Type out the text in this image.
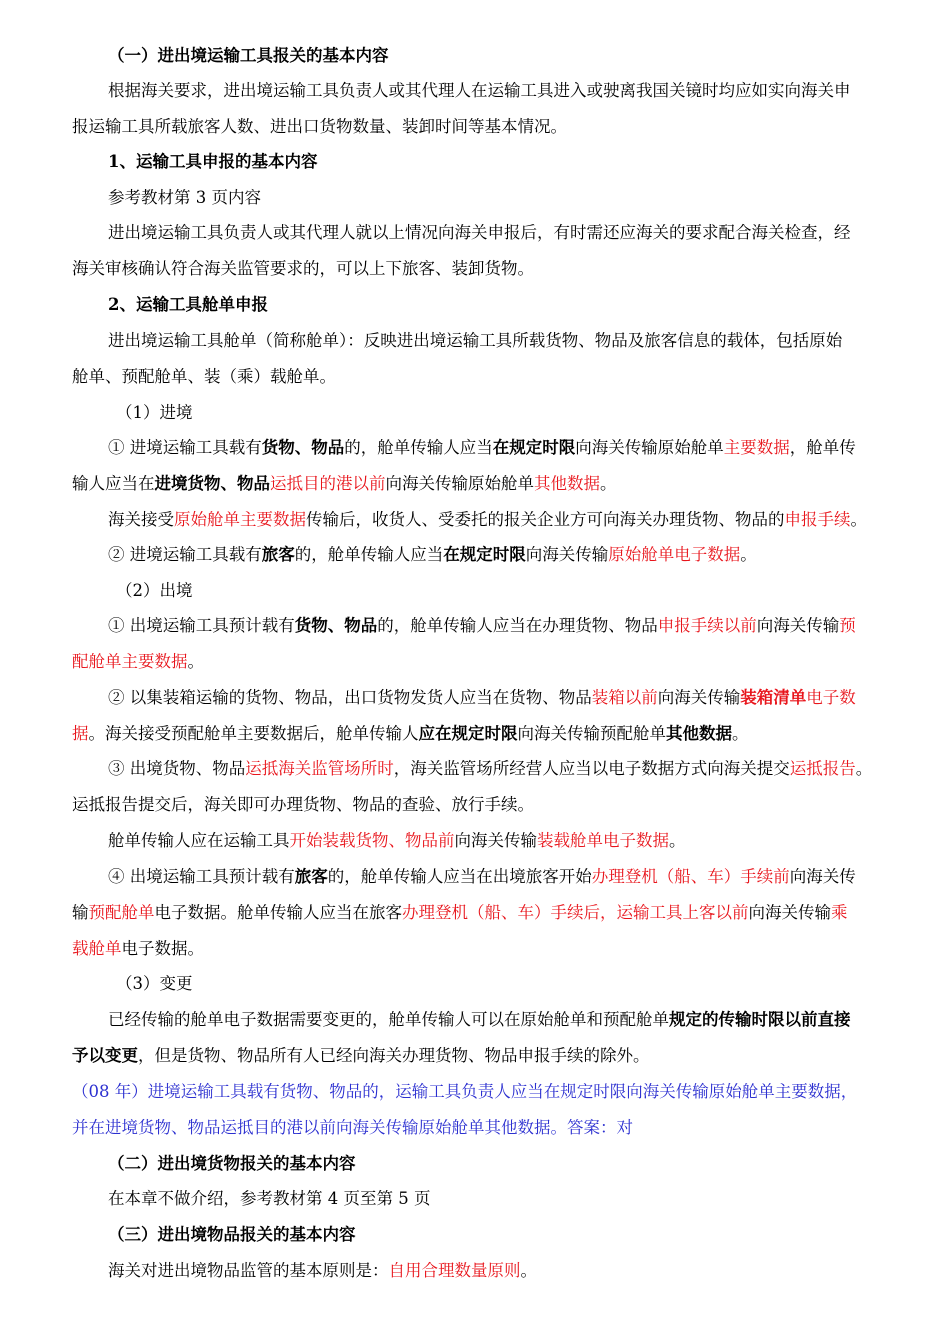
（一）进出境运输工具报关的基本内容
根据海关要求，进出境运输工具负责人或其代理人在运输工具进入或驶离我国关镜时均应如实向海关申
报运输工具所载旅客人数、进出口货物数量、装卸时间等基本情况。
1、运输工具申报的基本内容
参考教材第 3 页内容
进出境运输工具负责人或其代理人就以上情况向海关申报后，有时需还应海关的要求配合海关检查，经
海关审核确认符合海关监管要求的，可以上下旅客、装卸货物。
2、运输工具舱单申报
进出境运输工具舱单（简称舱单）：反映进出境运输工具所载货物、物品及旅客信息的载体，包括原始
舱单、预配舱单、装（乘）载舱单。
（1）进境
① 进境运输工具载有货物、物品的，舱单传输人应当在规定时限向海关传输原始舱单主要数据，舱单传
输人应当在进境货物、物品运抵目的港以前向海关传输原始舱单其他数据。
海关接受原始舱单主要数据传输后，收货人、受委托的报关企业方可向海关办理货物、物品的申报手续。
② 进境运输工具载有旅客的，舱单传输人应当在规定时限向海关传输原始舱单电子数据。
（2）出境
① 出境运输工具预计载有货物、物品的，舱单传输人应当在办理货物、物品申报手续以前向海关传输预
配舱单主要数据。
② 以集装箱运输的货物、物品，出口货物发货人应当在货物、物品装箱以前向海关传输装箱清单电子数
据。海关接受预配舱单主要数据后，舱单传输人应在规定时限向海关传输预配舱单其他数据。
③ 出境货物、物品运抵海关监管场所时，海关监管场所经营人应当以电子数据方式向海关提交运抵报告。
运抵报告提交后，海关即可办理货物、物品的查验、放行手续。
舱单传输人应在运输工具开始装载货物、物品前向海关传输装载舱单电子数据。
④ 出境运输工具预计载有旅客的，舱单传输人应当在出境旅客开始办理登机（船、车）手续前向海关传
输预配舱单电子数据。舱单传输人应当在旅客办理登机（船、车）手续后，运输工具上客以前向海关传输乘
载舱单电子数据。
（3）变更
已经传输的舱单电子数据需要变更的，舱单传输人可以在原始舱单和预配舱单规定的传输时限以前直接
予以变更，但是货物、物品所有人已经向海关办理货物、物品申报手续的除外。
（08 年）进境运输工具载有货物、物品的，运输工具负责人应当在规定时限向海关传输原始舱单主要数据，
并在进境货物、物品运抵目的港以前向海关传输原始舱单其他数据。答案：对
（二）进出境货物报关的基本内容
在本章不做介绍，参考教材第 4 页至第 5 页
（三）进出境物品报关的基本内容
海关对进出境物品监管的基本原则是：自用合理数量原则。
